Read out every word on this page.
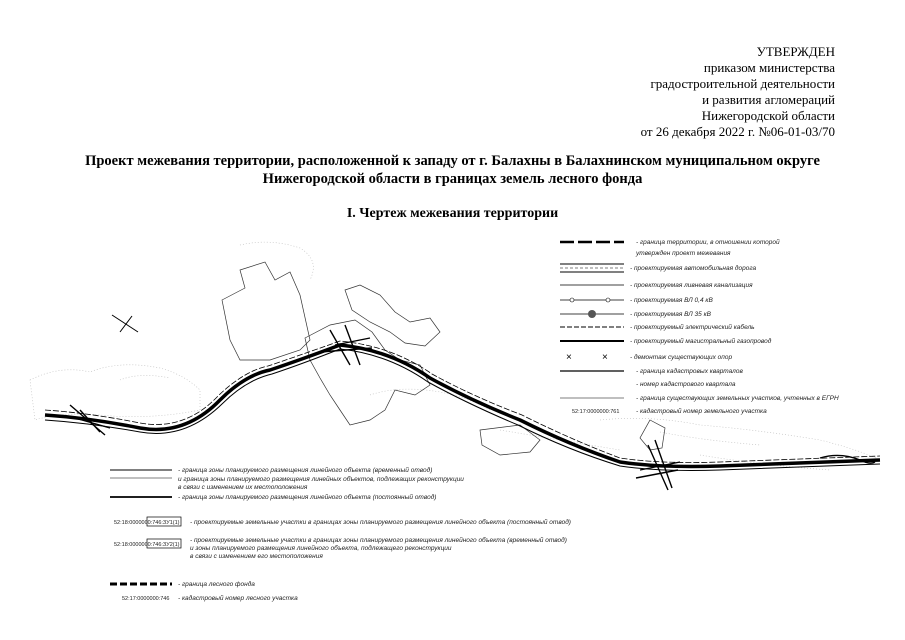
УТВЕРЖДЕН
приказом министерства
градостроительной деятельности
и развития агломераций
Нижегородской области
от 26 декабря 2022 г. №06-01-03/70
Проект межевания территории, расположенной к западу от г. Балахны в Балахнинском муниципальном округе
Нижегородской области в границах земель лесного фонда
I. Чертеж межевания территории
- граница территории, в отношении которой
утвержден проект межевания
- проектируемая автомобильная дорога
- проектируемая ливневая канализация
- проектируемая ВЛ 0,4 кВ
- проектируемая ВЛ 35 кВ
- проектируемый электрический кабель
- проектируемый магистральный газопровод
×	×	- демонтаж существующих опор
- граница кадастровых кварталов
- номер кадастрового квартала
- граница существующих земельных участков, учтенных в ЕГРН
52:17:0000000:761	- кадастровый номер земельного участка
- граница зоны планируемого размещения линейного объекта (временный отвод)
и граница зоны планируемого размещения линейных объектов, подлежащих реконструкции
в связи с изменением их местоположения
- граница зоны планируемого размещения линейного объекта (постоянный отвод)
52:18:0000000:746:ЗУ1(1) - проектируемые земельные участки в границах зоны планируемого размещения линейного объекта (постоянный отвод)
52:18:0000000:746:ЗУ2(1)
- проектируемые земельные участки в границах зоны планируемого размещения линейного объекта (временный отвод)
и зоны планируемого размещения линейного объекта, подлежащего реконструкции
в связи с изменением его местоположения
- граница лесного фонда
52:17:0000000:746 - кадастровый номер лесного участка
